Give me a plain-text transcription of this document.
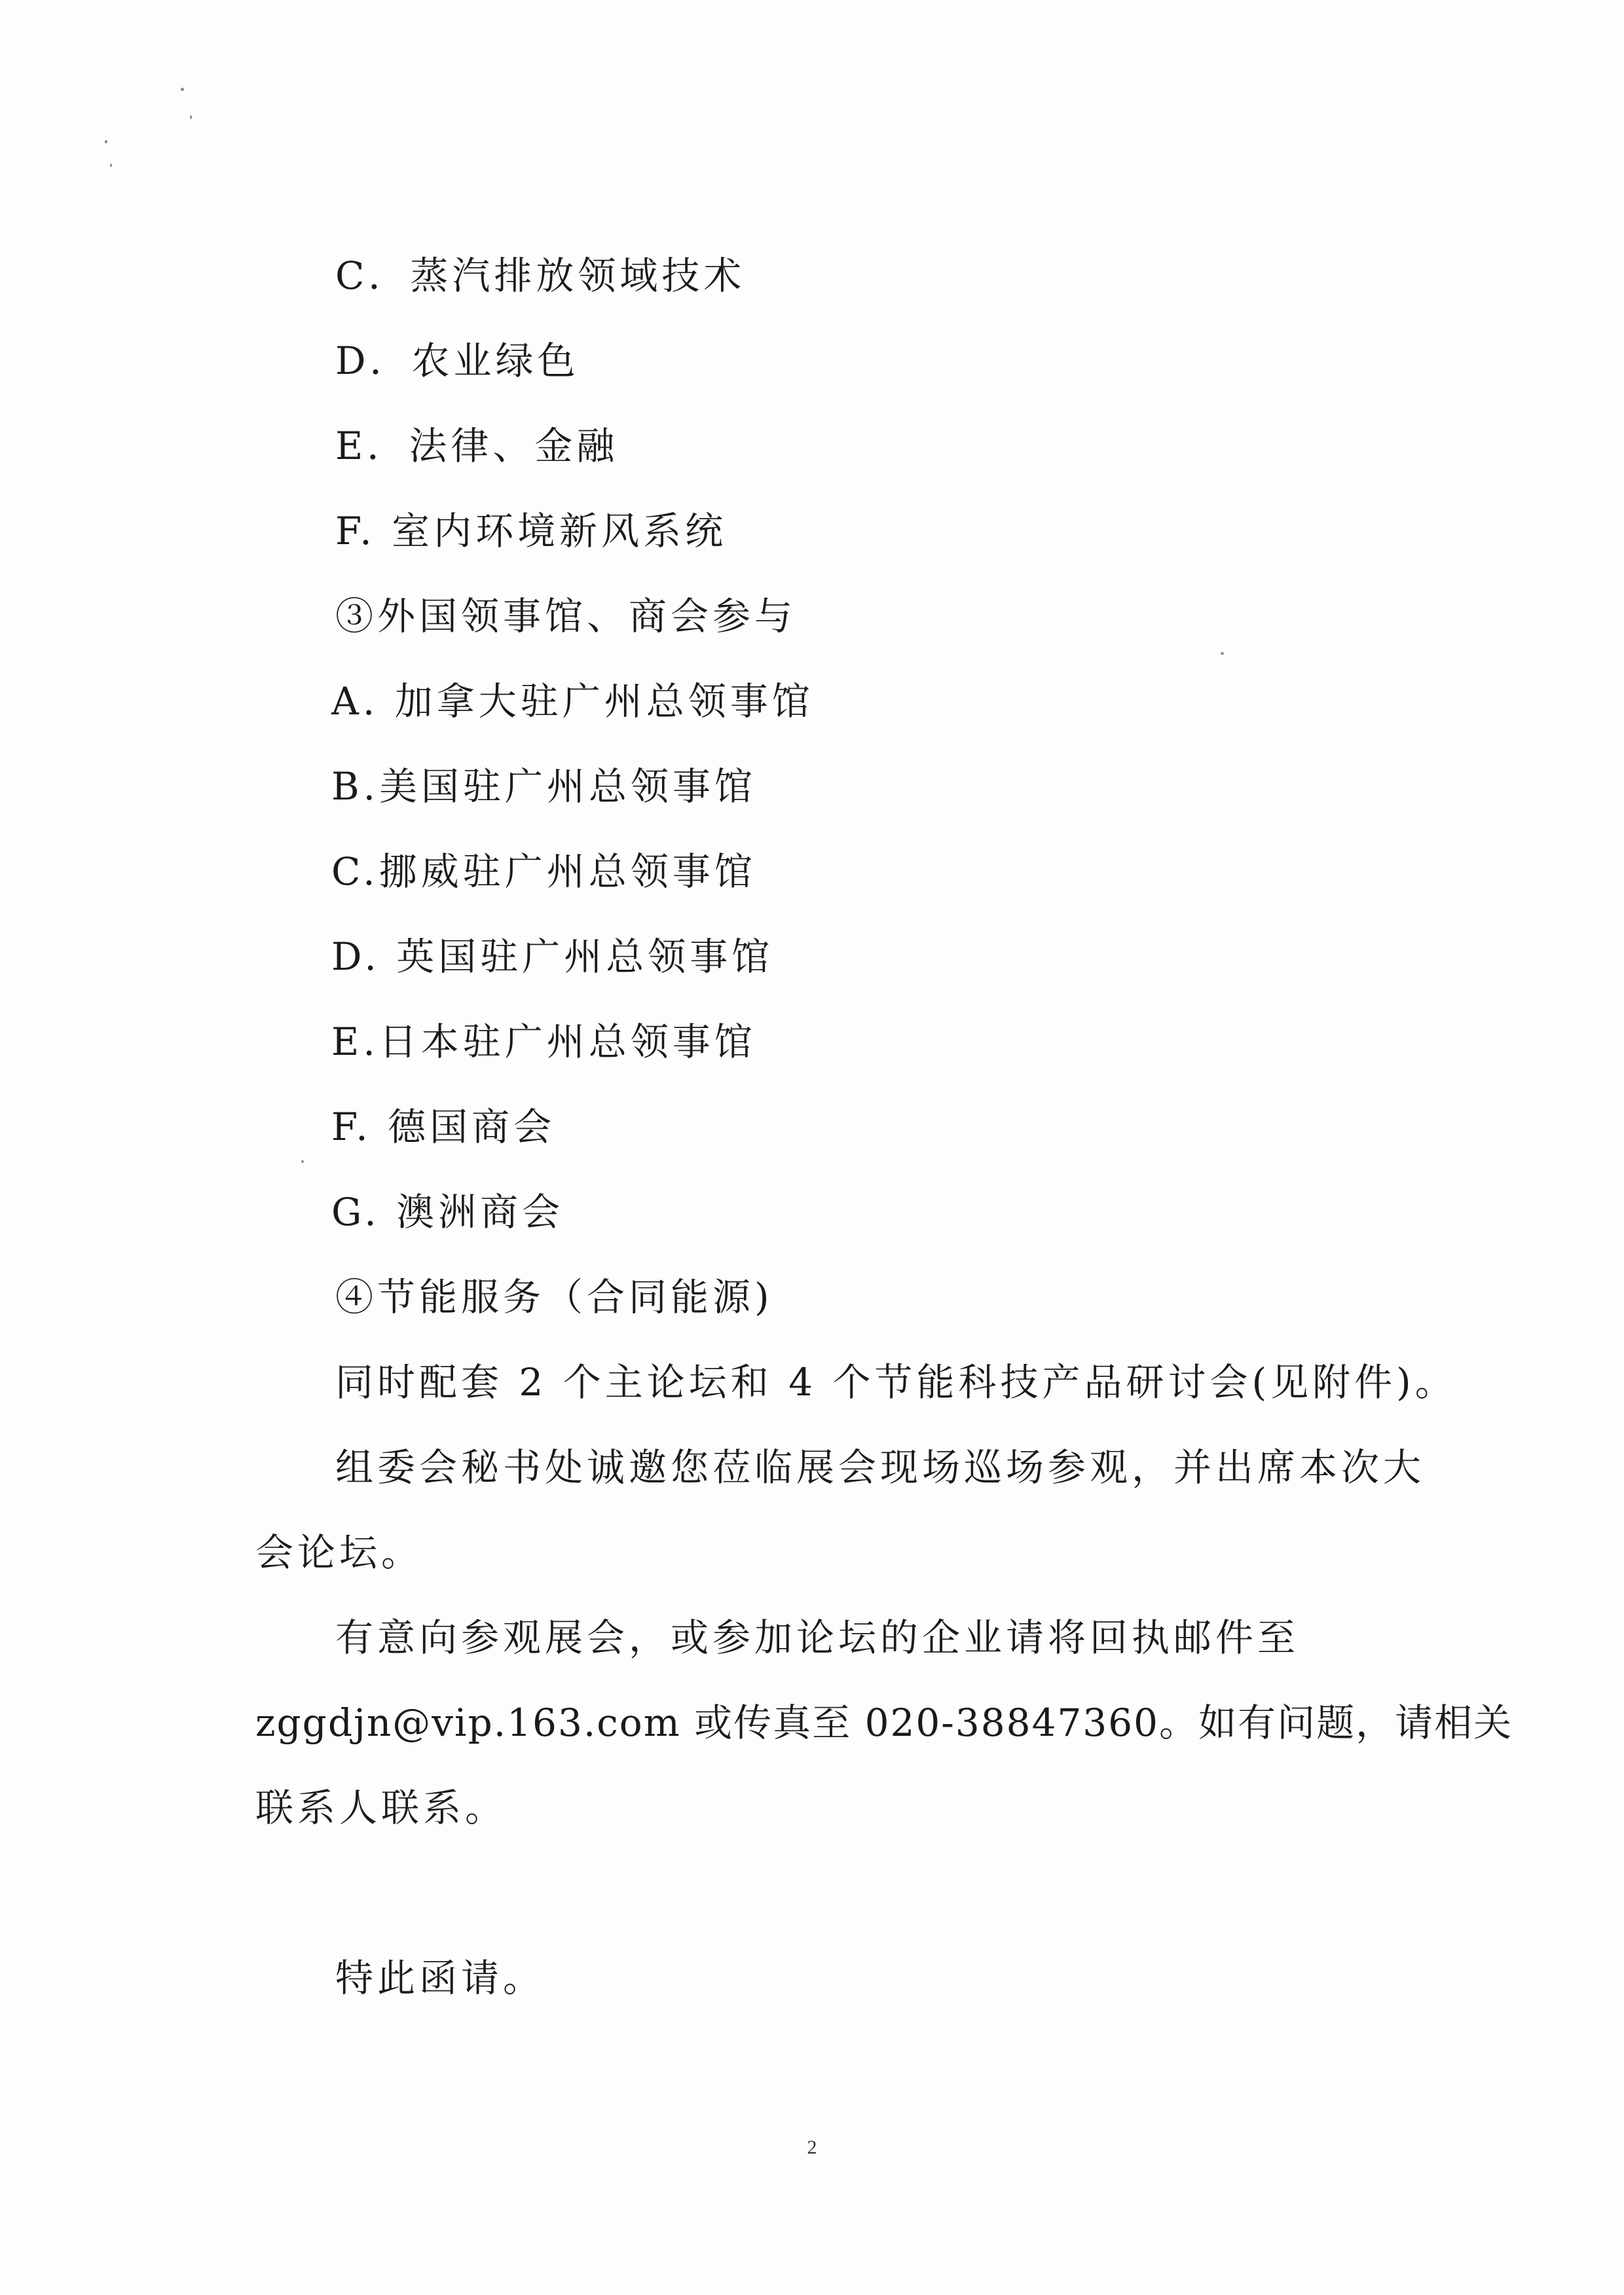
C．蒸汽排放领域技术
D．农业绿色
E．法律、金融
F. 室内环境新风系统
③外国领事馆、商会参与
A. 加拿大驻广州总领事馆
B.美国驻广州总领事馆
C.挪威驻广州总领事馆
D. 英国驻广州总领事馆
E.日本驻广州总领事馆
F. 德国商会
G. 澳洲商会
④节能服务（合同能源)
同时配套 2 个主论坛和 4 个节能科技产品研讨会(见附件)。
组委会秘书处诚邀您莅临展会现场巡场参观，并出席本次大
会论坛。
有意向参观展会，或参加论坛的企业请将回执邮件至
zggdjn@vip.163.com 或传真至 020-38847360。如有问题，请相关
联系人联系。
特此函请。
2
